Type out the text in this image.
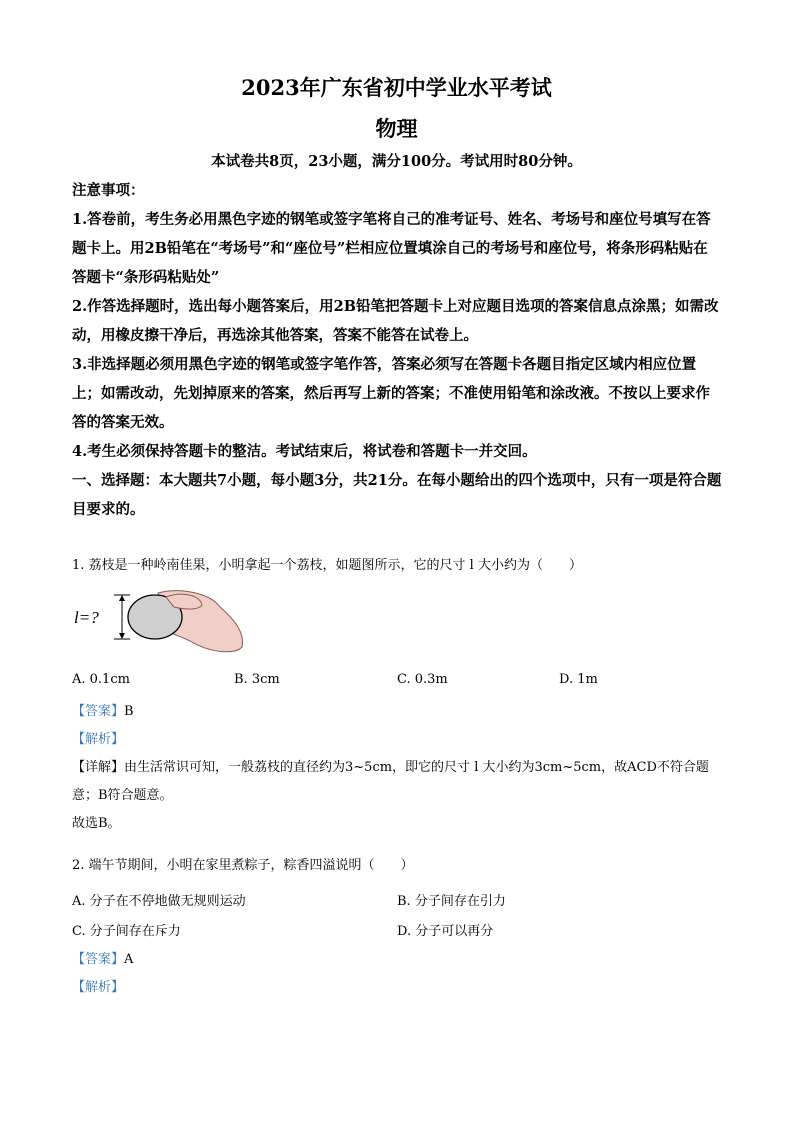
2023年广东省初中学业水平考试
物理
本试卷共8页，23小题，满分100分。考试用时80分钟。

注意事项：

1.答卷前，考生务必用黑色字迹的钢笔或签字笔将自己的准考证号、姓名、考场号和座位号填写在答题卡上。用2B铅笔在“考场号”和“座位号”栏相应位置填涂自己的考场号和座位号，将条形码粘贴在答题卡“条形码粘贴处”

2.作答选择题时，选出每小题答案后，用2B铅笔把答题卡上对应题目选项的答案信息点涂黑；如需改动，用橡皮擦干净后，再选涂其他答案，答案不能答在试卷上。

3.非选择题必须用黑色字迹的钢笔或签字笔作答，答案必须写在答题卡各题目指定区域内相应位置上；如需改动，先划掉原来的答案，然后再写上新的答案；不准使用铅笔和涂改液。不按以上要求作答的答案无效。

4.考生必须保持答题卡的整洁。考试结束后，将试卷和答题卡一并交回。

一、选择题：本大题共7小题，每小题3分，共21分。在每小题给出的四个选项中，只有一项是符合题目要求的。

1. 荔枝是一种岭南佳果，小明拿起一个荔枝，如题图所示，它的尺寸 l 大小约为（　　）

l=?
A. 0.1cm	B. 3cm	C. 0.3m	D. 1m

【答案】B

【解析】

【详解】由生活常识可知，一般荔枝的直径约为3~5cm，即它的尺寸 l 大小约为3cm~5cm，故ACD不符合题意；B符合题意。

故选B。

2. 端午节期间，小明在家里煮粽子，粽香四溢说明（　　）

A. 分子在不停地做无规则运动	B. 分子间存在引力
C. 分子间存在斥力	D. 分子可以再分

【答案】A

【解析】
